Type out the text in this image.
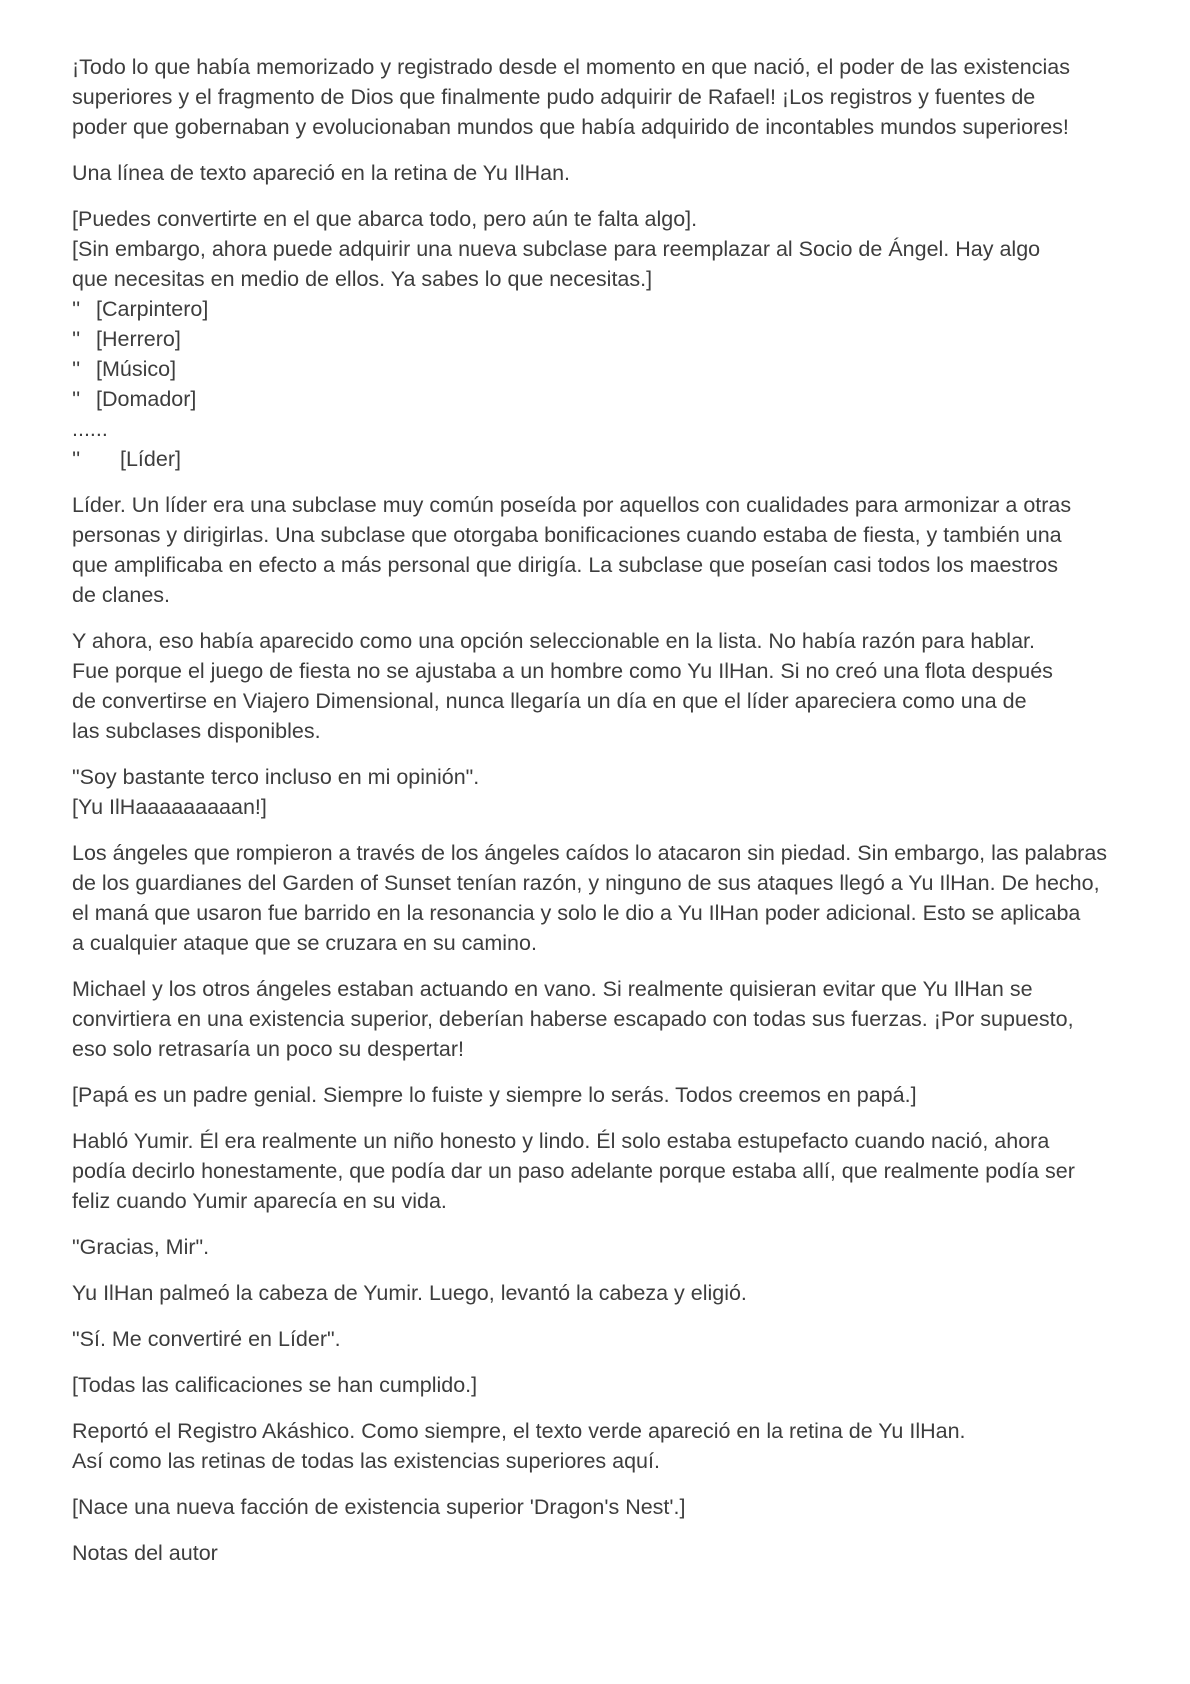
¡Todo lo que había memorizado y registrado desde el momento en que nació, el poder de las existencias
superiores y el fragmento de Dios que finalmente pudo adquirir de Rafael! ¡Los registros y fuentes de
poder que gobernaban y evolucionaban mundos que había adquirido de incontables mundos superiores!
Una línea de texto apareció en la retina de Yu IlHan.
[Puedes convertirte en el que abarca todo, pero aún te falta algo].
[Sin embargo, ahora puede adquirir una nueva subclase para reemplazar al Socio de Ángel. Hay algo
que necesitas en medio de ellos. Ya sabes lo que necesitas.]
'' [Carpintero]
'' [Herrero]
'' [Músico]
'' [Domador]
......
'' [Líder]
Líder. Un líder era una subclase muy común poseída por aquellos con cualidades para armonizar a otras
personas y dirigirlas. Una subclase que otorgaba bonificaciones cuando estaba de fiesta, y también una
que amplificaba en efecto a más personal que dirigía. La subclase que poseían casi todos los maestros
de clanes.
Y ahora, eso había aparecido como una opción seleccionable en la lista. No había razón para hablar.
Fue porque el juego de fiesta no se ajustaba a un hombre como Yu IlHan. Si no creó una flota después
de convertirse en Viajero Dimensional, nunca llegaría un día en que el líder apareciera como una de
las subclases disponibles.
"Soy bastante terco incluso en mi opinión".
[Yu IlHaaaaaaaaan!]
Los ángeles que rompieron a través de los ángeles caídos lo atacaron sin piedad. Sin embargo, las palabras
de los guardianes del Garden of Sunset tenían razón, y ninguno de sus ataques llegó a Yu IlHan. De hecho,
el maná que usaron fue barrido en la resonancia y solo le dio a Yu IlHan poder adicional. Esto se aplicaba
a cualquier ataque que se cruzara en su camino.
Michael y los otros ángeles estaban actuando en vano. Si realmente quisieran evitar que Yu IlHan se
convirtiera en una existencia superior, deberían haberse escapado con todas sus fuerzas. ¡Por supuesto,
eso solo retrasaría un poco su despertar!
[Papá es un padre genial. Siempre lo fuiste y siempre lo serás. Todos creemos en papá.]
Habló Yumir. Él era realmente un niño honesto y lindo. Él solo estaba estupefacto cuando nació, ahora
podía decirlo honestamente, que podía dar un paso adelante porque estaba allí, que realmente podía ser
feliz cuando Yumir aparecía en su vida.
"Gracias, Mir".
Yu IlHan palmeó la cabeza de Yumir. Luego, levantó la cabeza y eligió.
"Sí. Me convertiré en Líder".
[Todas las calificaciones se han cumplido.]
Reportó el Registro Akáshico. Como siempre, el texto verde apareció en la retina de Yu IlHan.
Así como las retinas de todas las existencias superiores aquí.
[Nace una nueva facción de existencia superior 'Dragon's Nest'.]
Notas del autor
